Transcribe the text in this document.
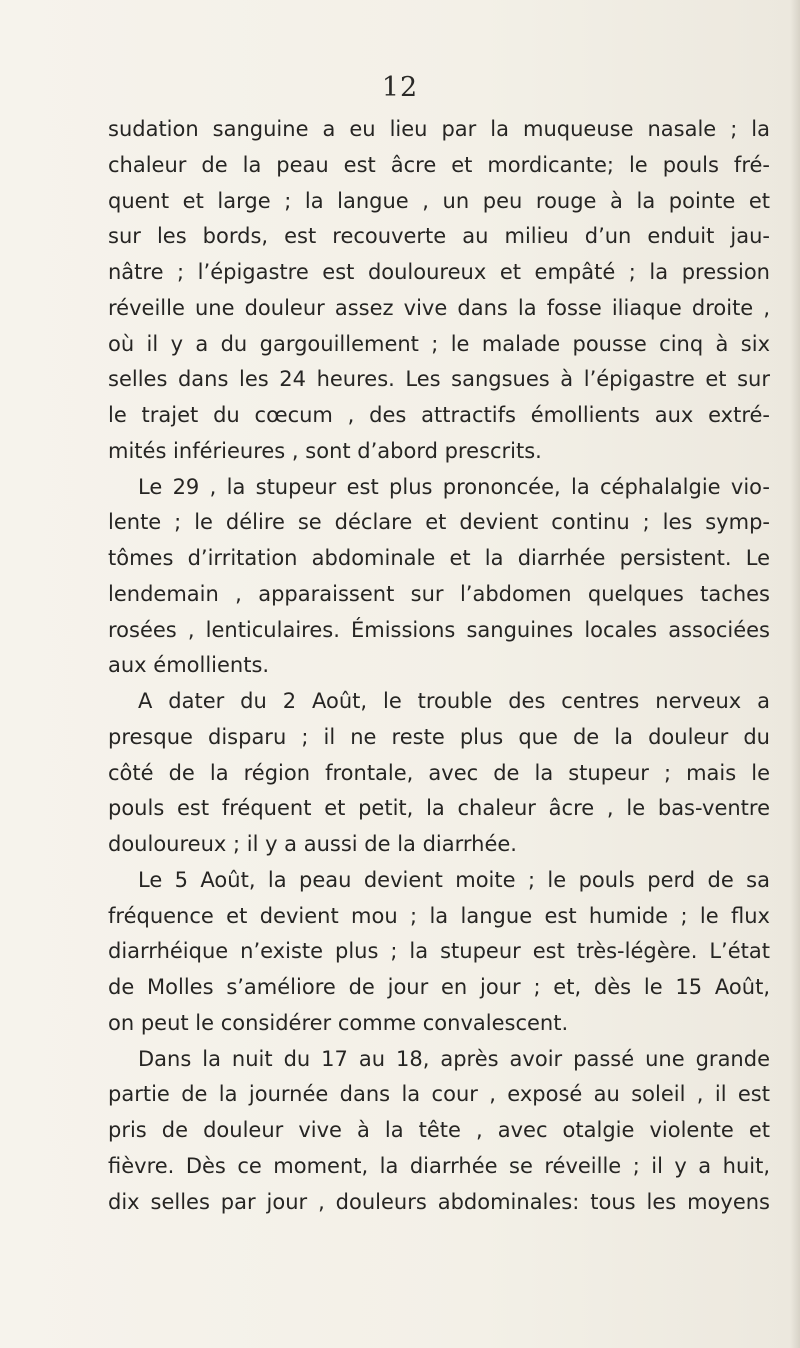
12
sudation sanguine a eu lieu par la muqueuse nasale ; la
chaleur de la peau est âcre et mordicante; le pouls fré-
quent et large ; la langue , un peu rouge à la pointe et
sur les bords, est recouverte au milieu d’un enduit jau-
nâtre ; l’épigastre est douloureux et empâté ; la pression
réveille une douleur assez vive dans la fosse iliaque droite ,
où il y a du gargouillement ; le malade pousse cinq à six
selles dans les 24 heures. Les sangsues à l’épigastre et sur
le trajet du cœcum , des attractifs émollients aux extré-
mités inférieures , sont d’abord prescrits.
Le 29 , la stupeur est plus prononcée, la céphalalgie vio-
lente ; le délire se déclare et devient continu ; les symp-
tômes d’irritation abdominale et la diarrhée persistent. Le
lendemain , apparaissent sur l’abdomen quelques taches
rosées , lenticulaires. Émissions sanguines locales associées
aux émollients.
A dater du 2 Août, le trouble des centres nerveux a
presque disparu ; il ne reste plus que de la douleur du
côté de la région frontale, avec de la stupeur ; mais le
pouls est fréquent et petit, la chaleur âcre , le bas-ventre
douloureux ; il y a aussi de la diarrhée.
Le 5 Août, la peau devient moite ; le pouls perd de sa
fréquence et devient mou ; la langue est humide ; le flux
diarrhéique n’existe plus ; la stupeur est très-légère. L’état
de Molles s’améliore de jour en jour ; et, dès le 15 Août,
on peut le considérer comme convalescent.
Dans la nuit du 17 au 18, après avoir passé une grande
partie de la journée dans la cour , exposé au soleil , il est
pris de douleur vive à la tête , avec otalgie violente et
fièvre. Dès ce moment, la diarrhée se réveille ; il y a huit,
dix selles par jour , douleurs abdominales: tous les moyens
